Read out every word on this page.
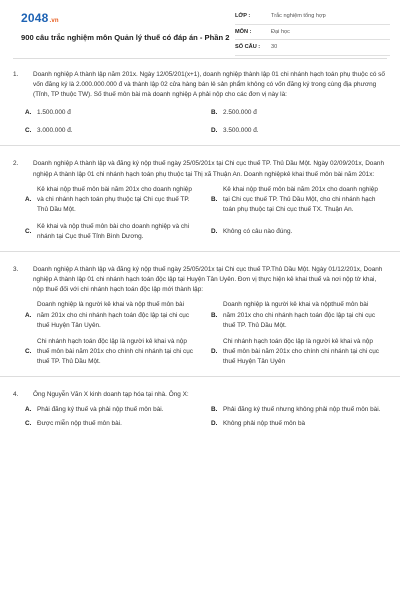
2048.vn
900 câu trắc nghiệm môn Quản lý thuế có đáp án - Phần 2
LỚP :	Trắc nghiệm tổng hợp
MÔN :	Đại học
SỐ CÂU :	30
1.	Doanh nghiệp A thành lập năm 201x. Ngày 12/05/201(x+1), doanh nghiệp thành lập 01 chi nhánh hạch toán phụ thuộc có số vốn đăng ký là 2.000.000.000 đ và thành lập 02 cửa hàng bán lẻ sản phẩm không có vốn đăng ký trong cùng địa phương (Tỉnh, TP thuộc TW). Số thuế môn bài mà doanh nghiệp A phải nộp cho các đơn vị này là:
A. 1.500.000 đ	B. 2.500.000 đ
C. 3.000.000 đ.	D. 3.500.000 đ.
2.	Doanh nghiệp A thành lập và đăng ký nộp thuế ngày 25/05/201x tại Chi cục thuế TP. Thủ Dầu Một. Ngày 02/09/201x, Doanh nghiệp A thành lập 01 chi nhánh hạch toán phụ thuộc tại Thị xã Thuận An. Doanh nghiệpkê khai thuế môn bài năm 201x:
A.
Kê khai nộp thuế môn bài năm 201x cho doanh nghiệp và chi nhánh hạch toán phụ thuộc tại Chi cục thuế TP. Thủ Dầu Một.
B.
Kê khai nộp thuế môn bài năm 201x cho doanh nghiệp tại Chi cục thuế TP. Thủ Dầu Một, cho chi nhánh hạch toán phụ thuộc tại Chi cục thuế TX. Thuận An.
C.
Kê khai và nộp thuế môn bài cho doanh nghiệp và chi nhánh tại Cục thuế Tỉnh Bình Dương.
D. Không có câu nào đúng.
3.	Doanh nghiệp A thành lập và đăng ký nộp thuế ngày 25/05/201x tại Chi cục thuế TP.Thủ Dầu Một. Ngày 01/12/201x, Doanh nghiệp A thành lập 01 chi nhánh hạch toán độc lập tại Huyện Tân Uyên. Đơn vị thực hiện kê khai thuế và nơi nộp tờ khai, nộp thuế đối với chi nhánh hạch toán độc lập mới thành lập:
A.
Doanh nghiệp là người kê khai và nộp thuế môn bài năm 201x cho chi nhánh hạch toán độc lập tại chi cục thuế Huyện Tân Uyên.
B.
Doanh nghiệp là người kê khai và nộpthuế môn bài năm 201x cho chi nhánh hạch toán độc lập tại chi cục thuế TP. Thủ Dầu Một.
C.
Chi nhánh hạch toán độc lập là người kê khai và nộp thuế môn bài năm 201x cho chính chi nhánh tại chi cục thuế TP. Thủ Dầu Một.
D.
Chi nhánh hạch toán độc lập là người kê khai và nộp thuế môn bài năm 201x cho chính chi nhánh tại chi cục thuế Huyện Tân Uyên
4.	Ông Nguyễn Văn X kinh doanh tạp hóa tại nhà. Ông X:
A. Phải đăng ký thuế và phải nộp thuế môn bài.	B. Phải đăng ký thuế nhưng không phải nộp thuế môn bài.
C. Được miễn nộp thuế môn bài.	D. Không phải nộp thuế môn bà
